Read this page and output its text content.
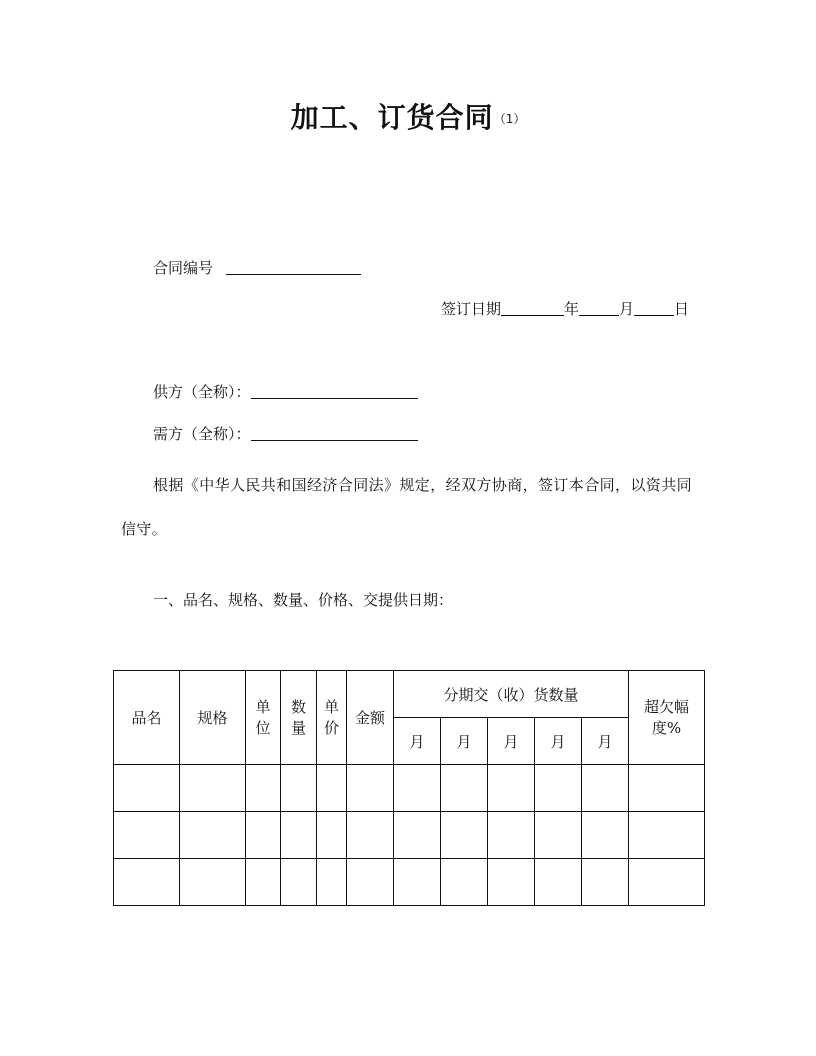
加工、订货合同$^{(1)}$
合同编号
签订日期	年	月	日
供方（全称）：
需方（全称）：
根据《中华人民共和国经济合同法》规定，经双方协商，签订本合同，以资共同信守。
一、品名、规格、数量、价格、交提供日期：
品名	规格	单位	数量	单价	金额	分期交（收）货数量					超欠幅度%

						月	月	月	月	月	
